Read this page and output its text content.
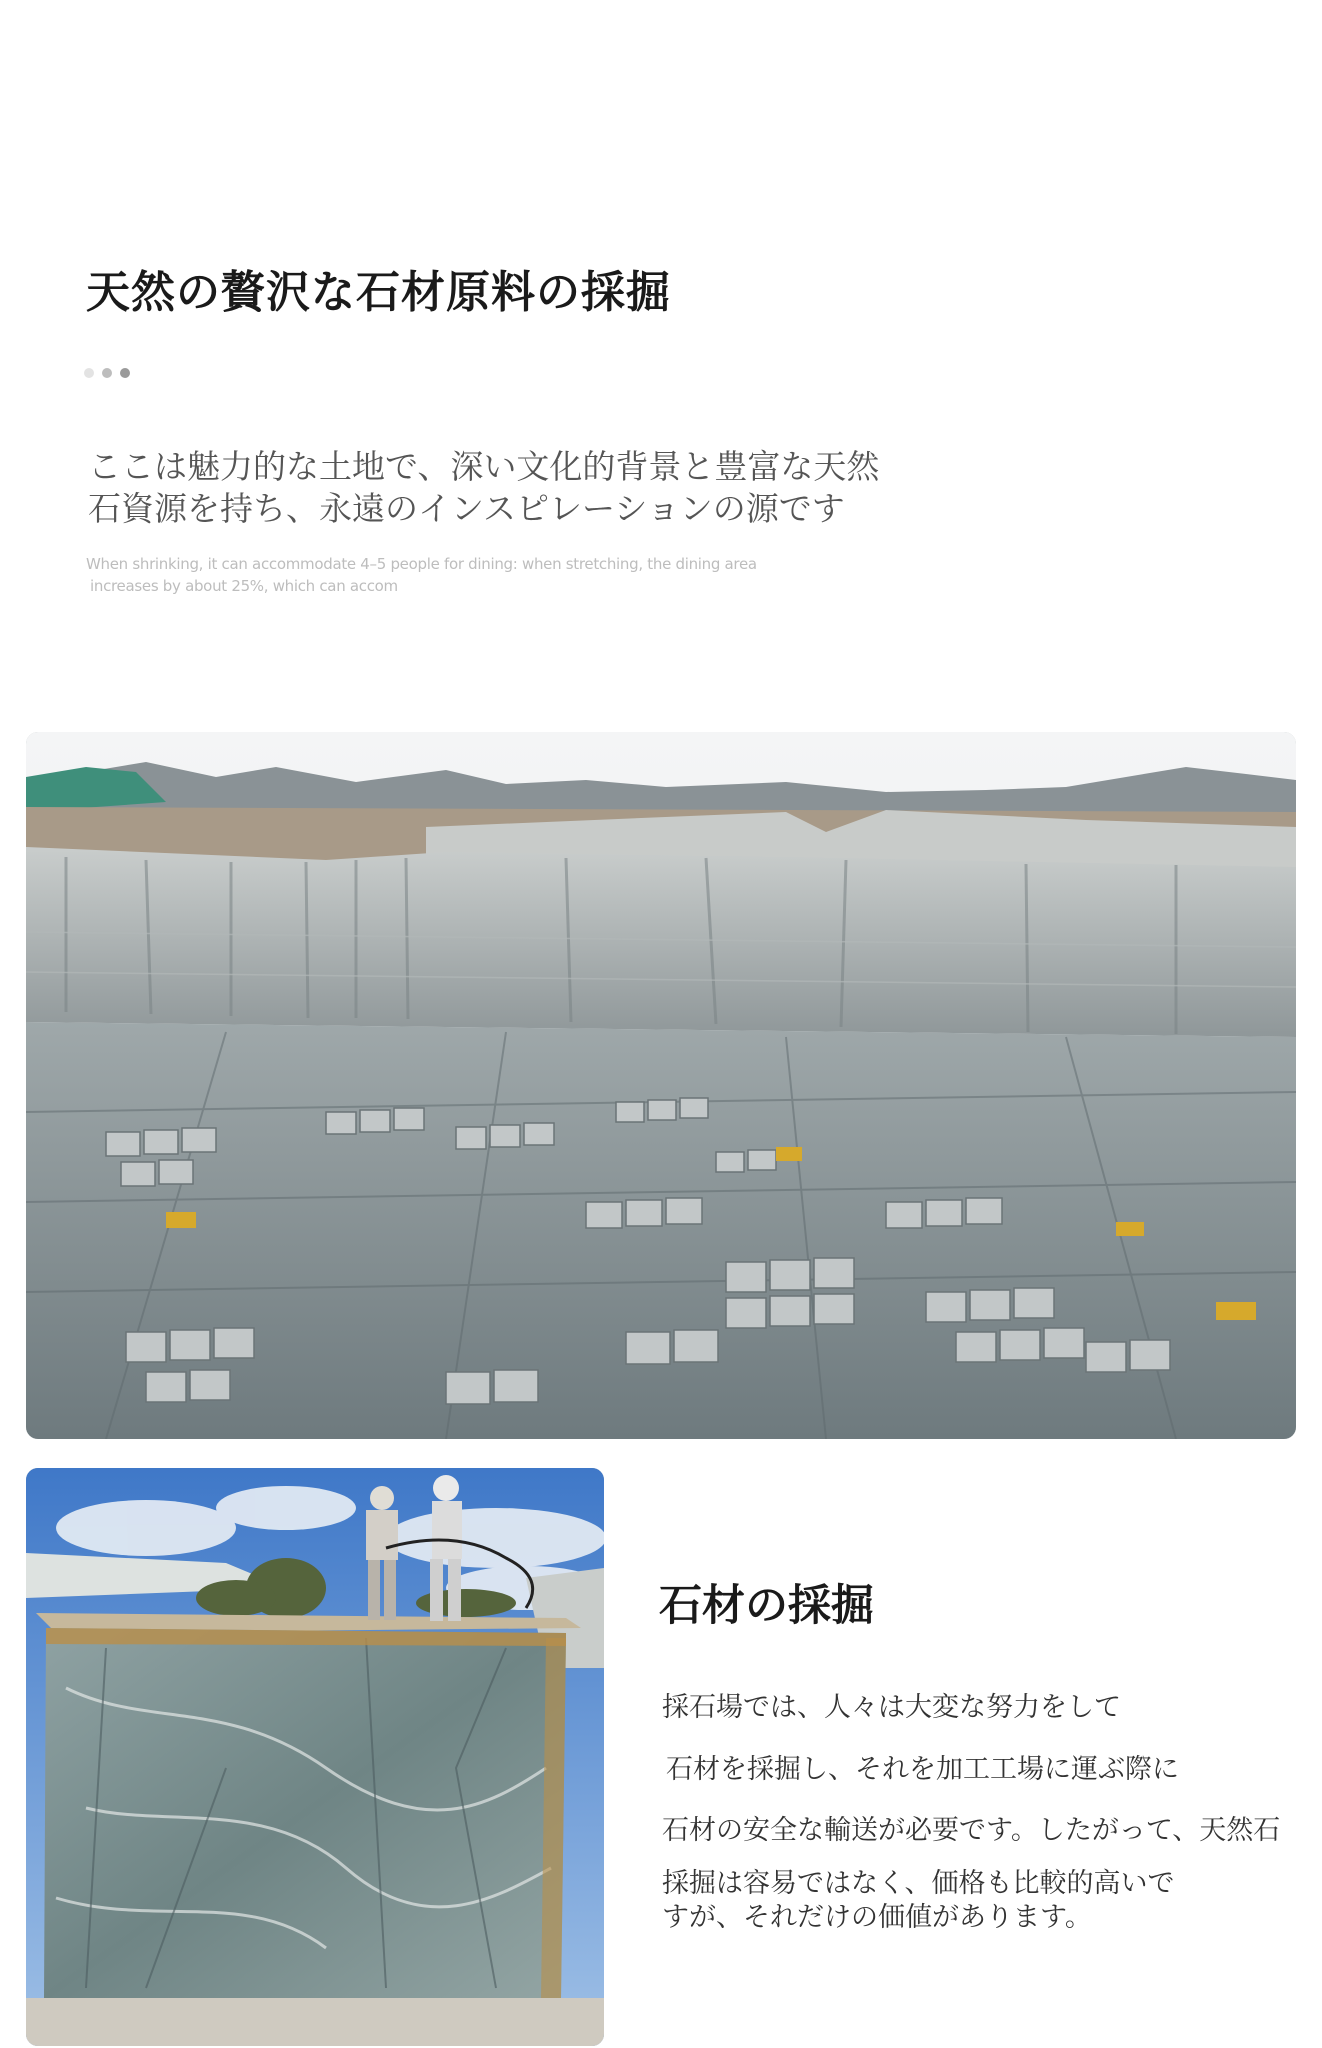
天然の贅沢な石材原料の採掘
ここは魅力的な土地で、深い文化的背景と豊富な天然
石資源を持ち、永遠のインスピレーションの源です
When shrinking, it can accommodate 4–5 people for dining: when stretching, the dining area
increases by about 25%, which can accom
石材の採掘
採石場では、人々は大変な努力をして
石材を採掘し、それを加工工場に運ぶ際に
石材の安全な輸送が必要です。したがって、天然石
採掘は容易ではなく、価格も比較的高いですが、それだけの価値があります。
